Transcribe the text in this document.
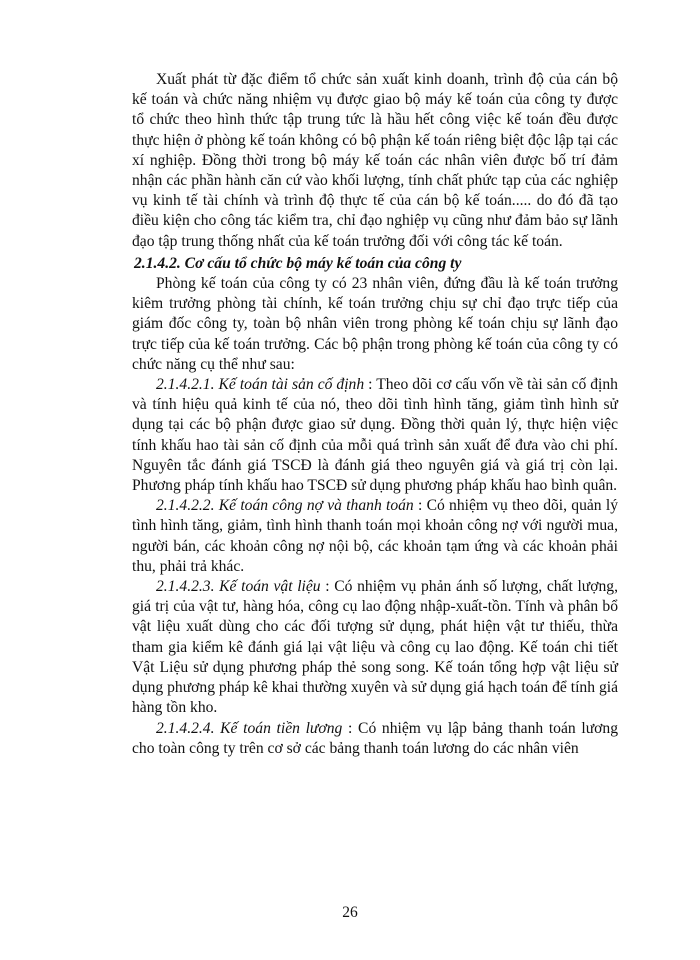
Xuất phát từ đặc điểm tổ chức sản xuất kinh doanh, trình độ của cán bộ kế toán và chức năng nhiệm vụ được giao bộ máy kế toán của công ty được tổ chức theo hình thức tập trung tức là hầu hết công việc kế toán đều được thực hiện ở phòng kế toán không có bộ phận kế toán riêng biệt độc lập tại các xí nghiệp. Đồng thời trong bộ máy kế toán các nhân viên được bố trí đảm nhận các phần hành căn cứ vào khối lượng, tính chất phức tạp của các nghiệp vụ kinh tế tài chính và trình độ thực tế của cán bộ kế toán..... do đó đã tạo điều kiện cho công tác kiểm tra, chỉ đạo nghiệp vụ cũng như đảm bảo sự lãnh đạo tập trung thống nhất của kế toán trưởng đối với công tác kế toán.

2.1.4.2. Cơ cấu tổ chức bộ máy kế toán của công ty

Phòng kế toán của công ty có 23 nhân viên, đứng đầu là kế toán trưởng kiêm trưởng phòng tài chính, kế toán trưởng chịu sự chỉ đạo trực tiếp của giám đốc công ty, toàn bộ nhân viên trong phòng kế toán chịu sự lãnh đạo trực tiếp của kế toán trưởng. Các bộ phận trong phòng kế toán của công ty có chức năng cụ thể như sau:

2.1.4.2.1. Kế toán tài sản cố định : Theo dõi cơ cấu vốn về tài sản cố định và tính hiệu quả kinh tế của nó, theo dõi tình hình tăng, giảm tình hình sử dụng tại các bộ phận được giao sử dụng. Đồng thời quản lý, thực hiện việc tính khấu hao tài sản cố định của mỗi quá trình sản xuất để đưa vào chi phí. Nguyên tắc đánh giá TSCĐ là đánh giá theo nguyên giá và giá trị còn lại. Phương pháp tính khấu hao TSCĐ sử dụng phương pháp khấu hao bình quân.

2.1.4.2.2. Kế toán công nợ và thanh toán : Có nhiệm vụ theo dõi, quản lý tình hình tăng, giảm, tình hình thanh toán mọi khoản công nợ với người mua, người bán, các khoản công nợ nội bộ, các khoản tạm ứng và các khoản phải thu, phải trả khác.

2.1.4.2.3. Kế toán vật liệu : Có nhiệm vụ phản ánh số lượng, chất lượng, giá trị của vật tư, hàng hóa, công cụ lao động nhập-xuất-tồn. Tính và phân bổ vật liệu xuất dùng cho các đối tượng sử dụng, phát hiện vật tư thiếu, thừa tham gia kiểm kê đánh giá lại vật liệu và công cụ lao động. Kế toán chi tiết Vật Liệu sử dụng phương pháp thẻ song song. Kế toán tổng hợp vật liệu sử dụng phương pháp kê khai thường xuyên và sử dụng giá hạch toán để tính giá hàng tồn kho.

2.1.4.2.4. Kế toán tiền lương : Có nhiệm vụ lập bảng thanh toán lương cho toàn công ty trên cơ sở các bảng thanh toán lương do các nhân viên

26
